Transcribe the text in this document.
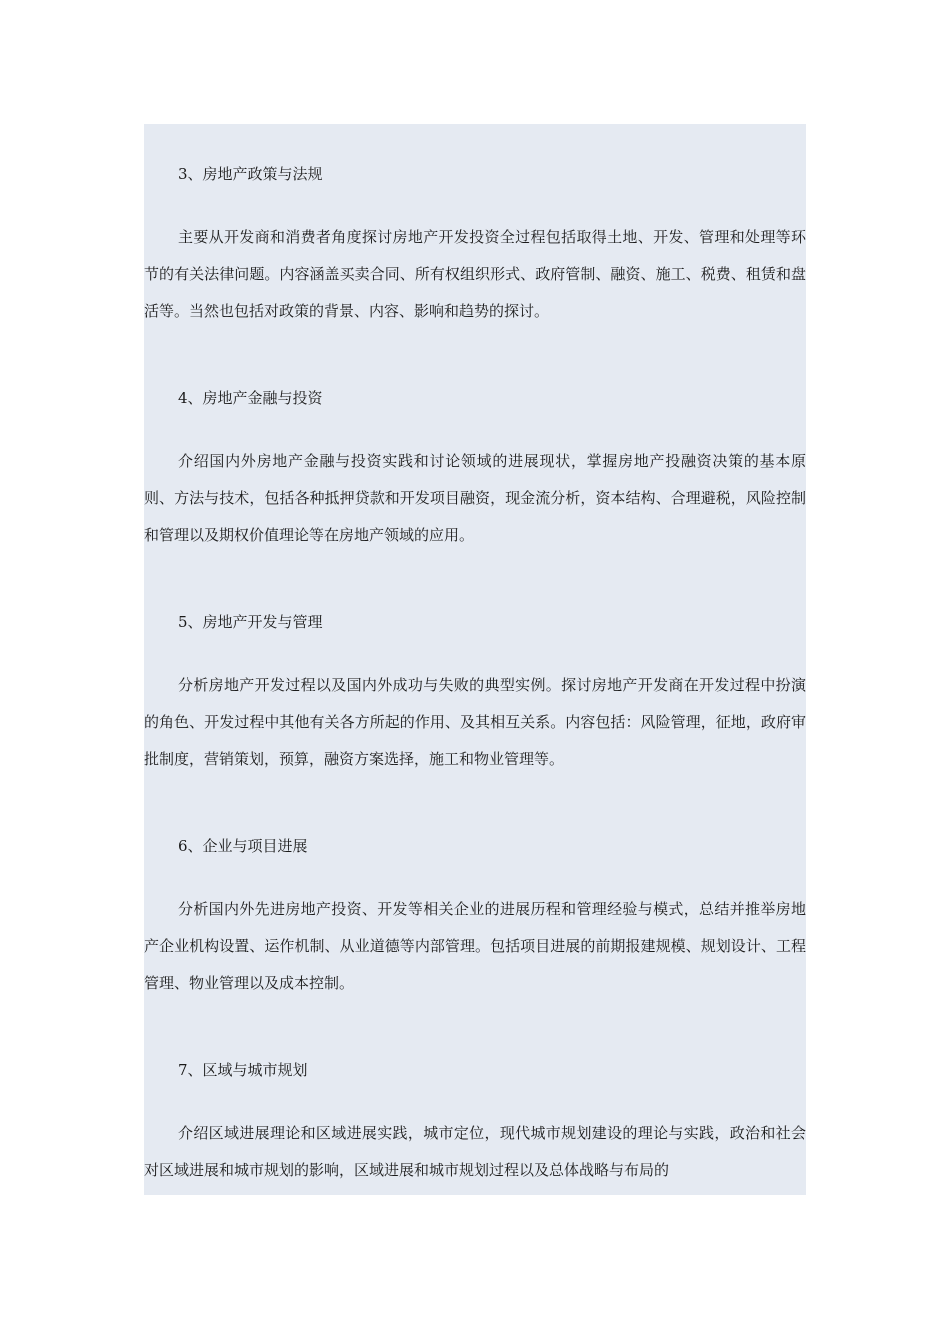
3、房地产政策与法规

主要从开发商和消费者角度探讨房地产开发投资全过程包括取得土地、开发、管理和处理等环节的有关法律问题。内容涵盖买卖合同、所有权组织形式、政府管制、融资、施工、税费、租赁和盘活等。当然也包括对政策的背景、内容、影响和趋势的探讨。

4、房地产金融与投资

介绍国内外房地产金融与投资实践和讨论领域的进展现状，掌握房地产投融资决策的基本原则、方法与技术，包括各种抵押贷款和开发项目融资，现金流分析，资本结构、合理避税，风险控制和管理以及期权价值理论等在房地产领域的应用。

5、房地产开发与管理

分析房地产开发过程以及国内外成功与失败的典型实例。探讨房地产开发商在开发过程中扮演的角色、开发过程中其他有关各方所起的作用、及其相互关系。内容包括：风险管理，征地，政府审批制度，营销策划，预算，融资方案选择，施工和物业管理等。

6、企业与项目进展

分析国内外先进房地产投资、开发等相关企业的进展历程和管理经验与模式，总结并推举房地产企业机构设置、运作机制、从业道德等内部管理。包括项目进展的前期报建规模、规划设计、工程管理、物业管理以及成本控制。

7、区域与城市规划

介绍区域进展理论和区域进展实践，城市定位，现代城市规划建设的理论与实践，政治和社会对区域进展和城市规划的影响，区域进展和城市规划过程以及总体战略与布局的
